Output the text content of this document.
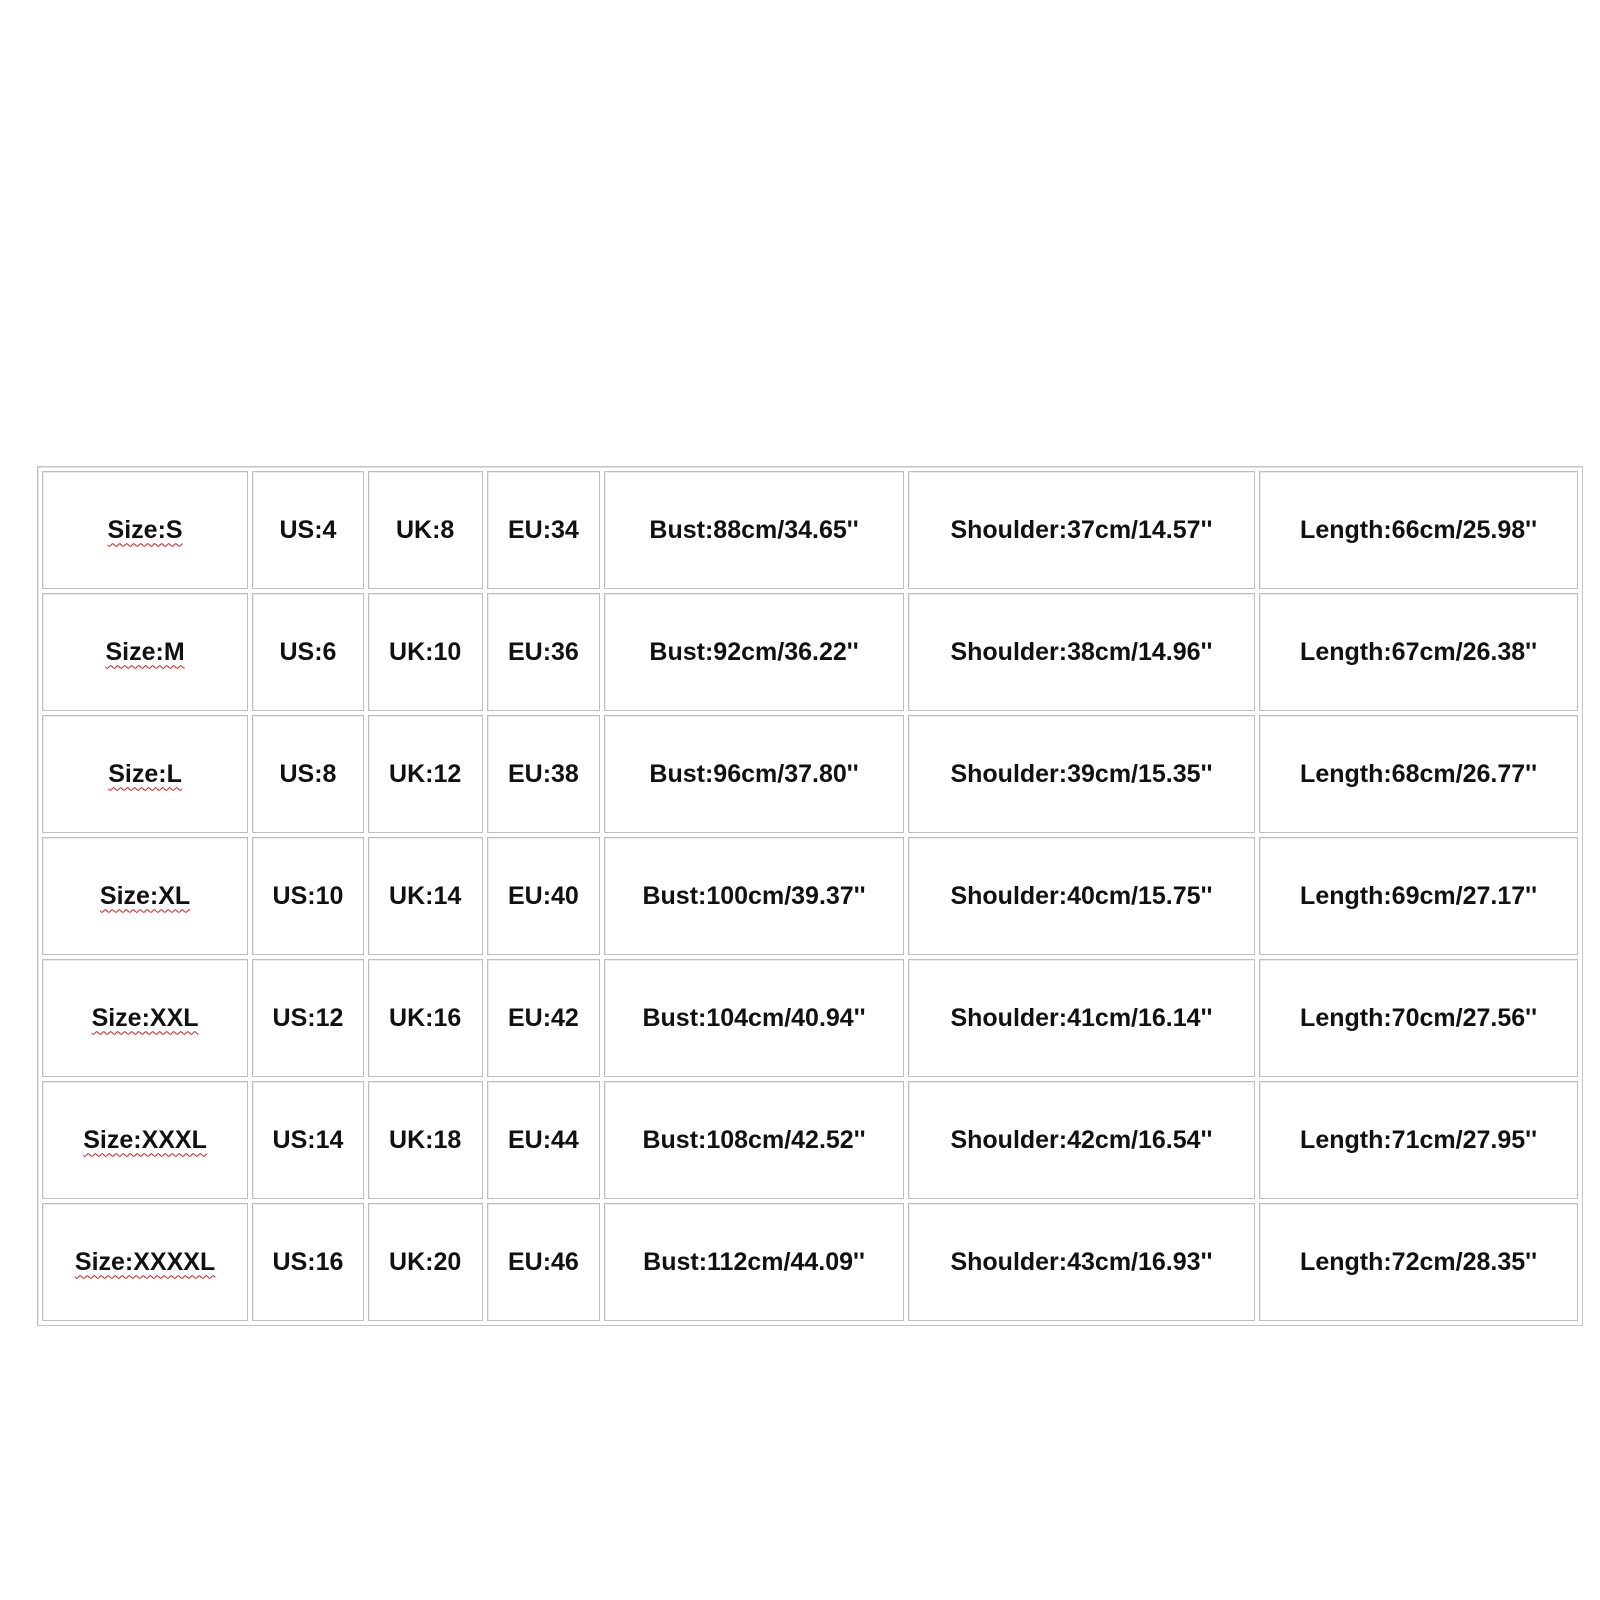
Size:S	US:4	UK:8	EU:34	Bust:88cm/34.65''	Shoulder:37cm/14.57''	Length:66cm/25.98''
Size:M	US:6	UK:10	EU:36	Bust:92cm/36.22''	Shoulder:38cm/14.96''	Length:67cm/26.38''
Size:L	US:8	UK:12	EU:38	Bust:96cm/37.80''	Shoulder:39cm/15.35''	Length:68cm/26.77''
Size:XL	US:10	UK:14	EU:40	Bust:100cm/39.37''	Shoulder:40cm/15.75''	Length:69cm/27.17''
Size:XXL	US:12	UK:16	EU:42	Bust:104cm/40.94''	Shoulder:41cm/16.14''	Length:70cm/27.56''
Size:XXXL	US:14	UK:18	EU:44	Bust:108cm/42.52''	Shoulder:42cm/16.54''	Length:71cm/27.95''
Size:XXXXL	US:16	UK:20	EU:46	Bust:112cm/44.09''	Shoulder:43cm/16.93''	Length:72cm/28.35''
